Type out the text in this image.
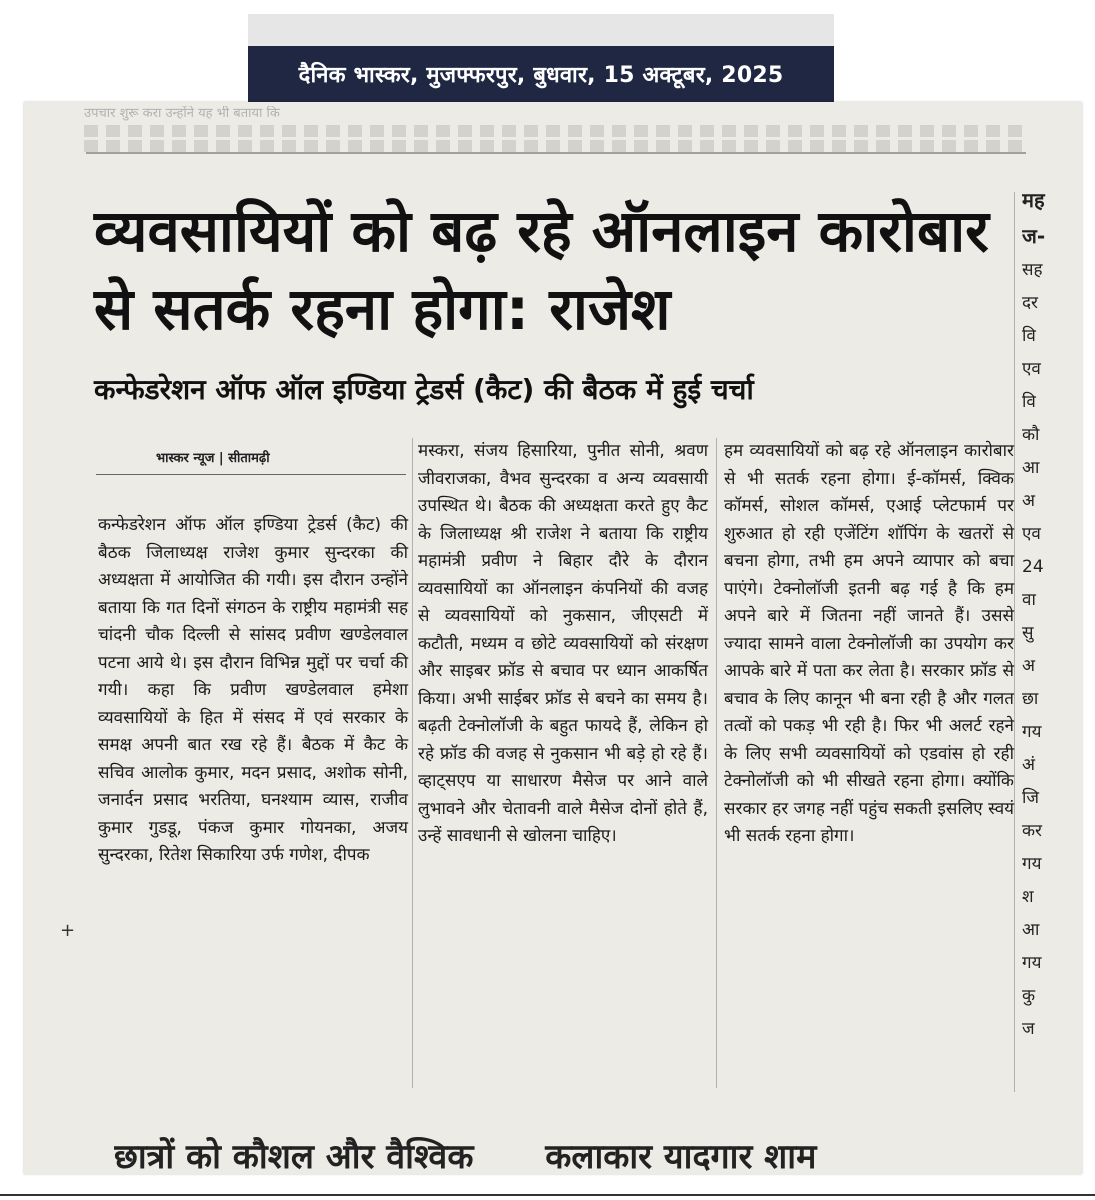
दैनिक भास्कर, मुजफ्फरपुर, बुधवार, 15 अक्टूबर, 2025
उपचार शुरू करा उन्होंने यह भी बताया कि
व्यवसायियों को बढ़ रहे ऑनलाइन कारोबार से सतर्क रहना होगा: राजेश
कन्फेडरेशन ऑफ ऑल इण्डिया ट्रेडर्स (कैट) की बैठक में हुई चर्चा
मह
ज-
सह
दर
वि
एव
वि
कौ
आ
अ
एव
24
वा
सु
अ
छा
गय
अं
जि
कर
गय
श
आ
गय
कु
ज
भास्कर न्यूज | सीतामढ़ी
कन्फेडरेशन ऑफ ऑल इण्डिया ट्रेडर्स (कैट) की बैठक जिलाध्यक्ष राजेश कुमार सुन्दरका की अध्यक्षता में आयोजित की गयी। इस दौरान उन्होंने बताया कि गत दिनों संगठन के राष्ट्रीय महामंत्री सह चांदनी चौक दिल्ली से सांसद प्रवीण खण्डेलवाल पटना आये थे। इस दौरान विभिन्न मुद्दों पर चर्चा की गयी। कहा कि प्रवीण खण्डेलवाल हमेशा व्यवसायियों के हित में संसद में एवं सरकार के समक्ष अपनी बात रख रहे हैं। बैठक में कैट के सचिव आलोक कुमार, मदन प्रसाद, अशोक सोनी, जनार्दन प्रसाद भरतिया, घनश्याम व्यास, राजीव कुमार गुडडू, पंकज कुमार गोयनका, अजय सुन्दरका, रितेश सिकारिया उर्फ गणेश, दीपक
मस्करा, संजय हिसारिया, पुनीत सोनी, श्रवण जीवराजका, वैभव सुन्दरका व अन्य व्यवसायी उपस्थित थे। बैठक की अध्यक्षता करते हुए कैट के जिलाध्यक्ष श्री राजेश ने बताया कि राष्ट्रीय महामंत्री प्रवीण ने बिहार दौरे के दौरान व्यवसायियों का ऑनलाइन कंपनियों की वजह से व्यवसायियों को नुकसान, जीएसटी में कटौती, मध्यम व छोटे व्यवसायियों को संरक्षण और साइबर फ्रॉड से बचाव पर ध्यान आकर्षित किया। अभी साईबर फ्रॉड से बचने का समय है। बढ़ती टेक्नोलॉजी के बहुत फायदे हैं, लेकिन हो रहे फ्रॉड की वजह से नुकसान भी बड़े हो रहे हैं। व्हाट्सएप या साधारण मैसेज पर आने वाले लुभावने और चेतावनी वाले मैसेज दोनों होते हैं, उन्हें सावधानी से खोलना चाहिए।
हम व्यवसायियों को बढ़ रहे ऑनलाइन कारोबार से भी सतर्क रहना होगा। ई-कॉमर्स, क्विक कॉमर्स, सोशल कॉमर्स, एआई प्लेटफार्म पर शुरुआत हो रही एजेंटिंग शॉपिंग के खतरों से बचना होगा, तभी हम अपने व्यापार को बचा पाएंगे। टेक्नोलॉजी इतनी बढ़ गई है कि हम अपने बारे में जितना नहीं जानते हैं। उससे ज्यादा सामने वाला टेक्नोलॉजी का उपयोग कर आपके बारे में पता कर लेता है। सरकार फ्रॉड से बचाव के लिए कानून भी बना रही है और गलत तत्वों को पकड़ भी रही है। फिर भी अलर्ट रहने के लिए सभी व्यवसायियों को एडवांस हो रही टेक्नोलॉजी को भी सीखते रहना होगा। क्योंकि सरकार हर जगह नहीं पहुंच सकती इसलिए स्वयं भी सतर्क रहना होगा।
+
छात्रों को कौशल और वैश्विक कलाकार यादगार शाम
